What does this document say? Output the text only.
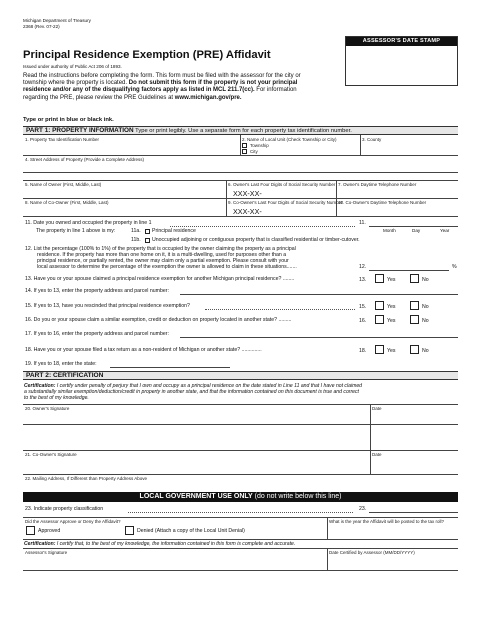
Michigan Department of Treasury
2368 (Rev. 07-22)
ASSESSOR'S DATE STAMP
Principal Residence Exemption (PRE) Affidavit
Issued under authority of Public Act 206 of 1893.
Read the instructions before completing the form. This form must be filed with the assessor for the city or
township where the property is located. Do not submit this form if the property is not your principal
residence and/or any of the disqualifying factors apply as listed in MCL 211.7(cc). For information
regarding the PRE, please review the PRE Guidelines at www.michigan.gov/pre.
Type or print in blue or black ink.
PART 1: PROPERTY INFORMATION Type or print legibly. Use a separate form for each property tax identification number.
1. Property Tax Identification Number	2. Name of Local Unit (Check Township or City)
Township
City
3. County
4. Street Address of Property (Provide a Complete Address)
5. Name of Owner (First, Middle, Last)	6. Owner's Last Four Digits of Social Security Number
XXX-XX-
7. Owner's Daytime Telephone Number
8. Name of Co-Owner (First, Middle, Last)	9. Co-Owner's Last Four Digits of Social Security Number
XXX-XX-
10. Co-Owner's Daytime Telephone Number
11. Date you owned and occupied the property in line 1	11.
Month	Day	Year
The property in line 1 above is my:	11a. Principal residence
11b. Unoccupied adjoining or contiguous property that is classified residential or timber-cutover.
12. List the percentage (100% to 1%) of the property that is occupied by the owner claiming the property as a principal
residence. If the property has more than one home on it, it is a multi-dwelling, used for purposes other than a
principal residence, or partially rented, the owner may claim only a partial exemption. Please consult with your
local assessor to determine the percentage of the exemption the owner is allowed to claim in these situations.......	12.	%
13. Have you or your spouse claimed a principal residence exemption for another Michigan principal residence? ........	13.	Yes	No
14. If yes to 13, enter the property address and parcel number:
15. If yes to 13, have you rescinded that principal residence exemption?	15.	Yes	No
16. Do you or your spouse claim a similar exemption, credit or deduction on property located in another state? .........	16.	Yes	No
17. If yes to 16, enter the property address and parcel number:
18. Have you or your spouse filed a tax return as a non-resident of Michigan or another state? ..............	18.	Yes	No
19. If yes to 18, enter the state:
PART 2: CERTIFICATION
Certification: I certify under penalty of perjury that I own and occupy as a principal residence on the date stated in Line 11 and that I have not claimed
a substantially similar exemption/deduction/credit in property in another state, and that the information contained on this document is true and correct
to the best of my knowledge.
20. Owner's Signature	Date
21. Co-Owner's Signature	Date
22. Mailing Address, If Different than Property Address Above
LOCAL GOVERNMENT USE ONLY (do not write below this line)
23. Indicate property classification	23.
Did the Assessor Approve or Deny the Affidavit?
Approved	Denied (Attach a copy of the Local Unit Denial)
What is the year the Affidavit will be posted to the tax roll?
Certification: I certify that, to the best of my knowledge, the information contained in this form is complete and accurate.
Assessor's Signature	Date Certified by Assessor (MM/DD/YYYY)
